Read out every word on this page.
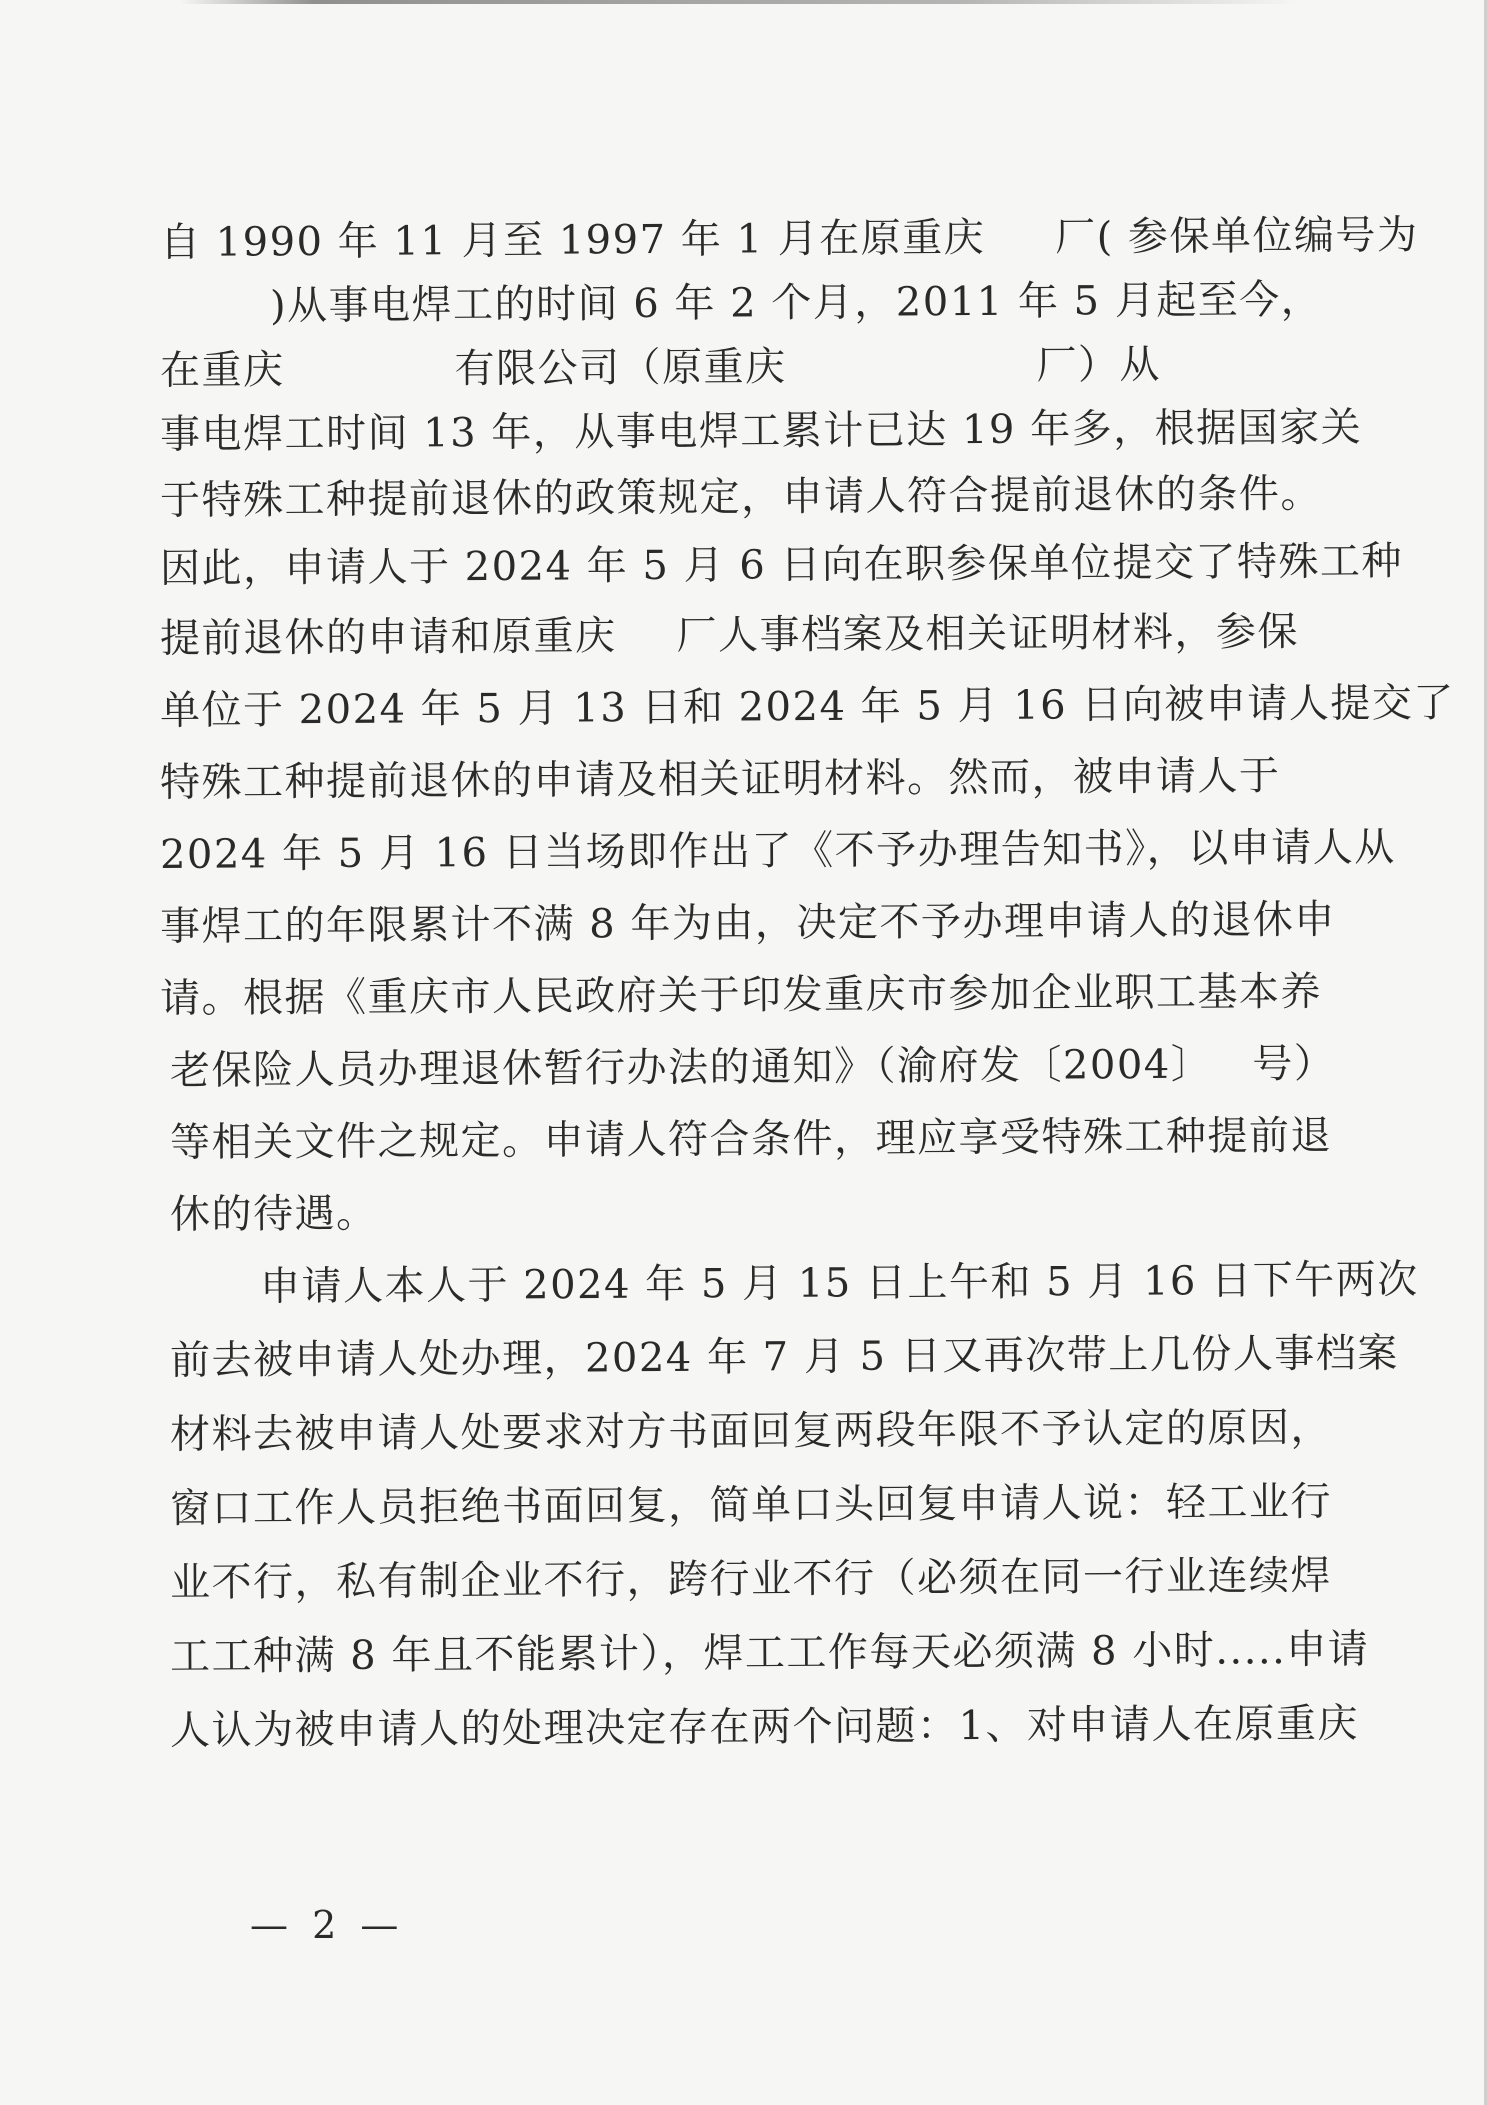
自 1990 年 11 月至 1997 年 1 月在原重庆 厂( 参保单位编号为
)从事电焊工的时间 6 年 2 个月，2011 年 5 月起至今，
在重庆	有限公司（原重庆	厂）从
事电焊工时间 13 年，从事电焊工累计已达 19 年多，根据国家关
于特殊工种提前退休的政策规定，申请人符合提前退休的条件。
因此，申请人于 2024 年 5 月 6 日向在职参保单位提交了特殊工种
提前退休的申请和原重庆 厂人事档案及相关证明材料，参保
单位于 2024 年 5 月 13 日和 2024 年 5 月 16 日向被申请人提交了
特殊工种提前退休的申请及相关证明材料。然而，被申请人于
2024 年 5 月 16 日当场即作出了《不予办理告知书》，以申请人从
事焊工的年限累计不满 8 年为由，决定不予办理申请人的退休申
请。根据《重庆市人民政府关于印发重庆市参加企业职工基本养
老保险人员办理退休暂行办法的通知》（渝府发〔2004〕 号）
等相关文件之规定。申请人符合条件，理应享受特殊工种提前退
休的待遇。
申请人本人于 2024 年 5 月 15 日上午和 5 月 16 日下午两次
前去被申请人处办理，2024 年 7 月 5 日又再次带上几份人事档案
材料去被申请人处要求对方书面回复两段年限不予认定的原因，
窗口工作人员拒绝书面回复，简单口头回复申请人说：轻工业行
业不行，私有制企业不行，跨行业不行（必须在同一行业连续焊
工工种满 8 年且不能累计），焊工工作每天必须满 8 小时.....申请
人认为被申请人的处理决定存在两个问题：1、对申请人在原重庆
— 2 —
